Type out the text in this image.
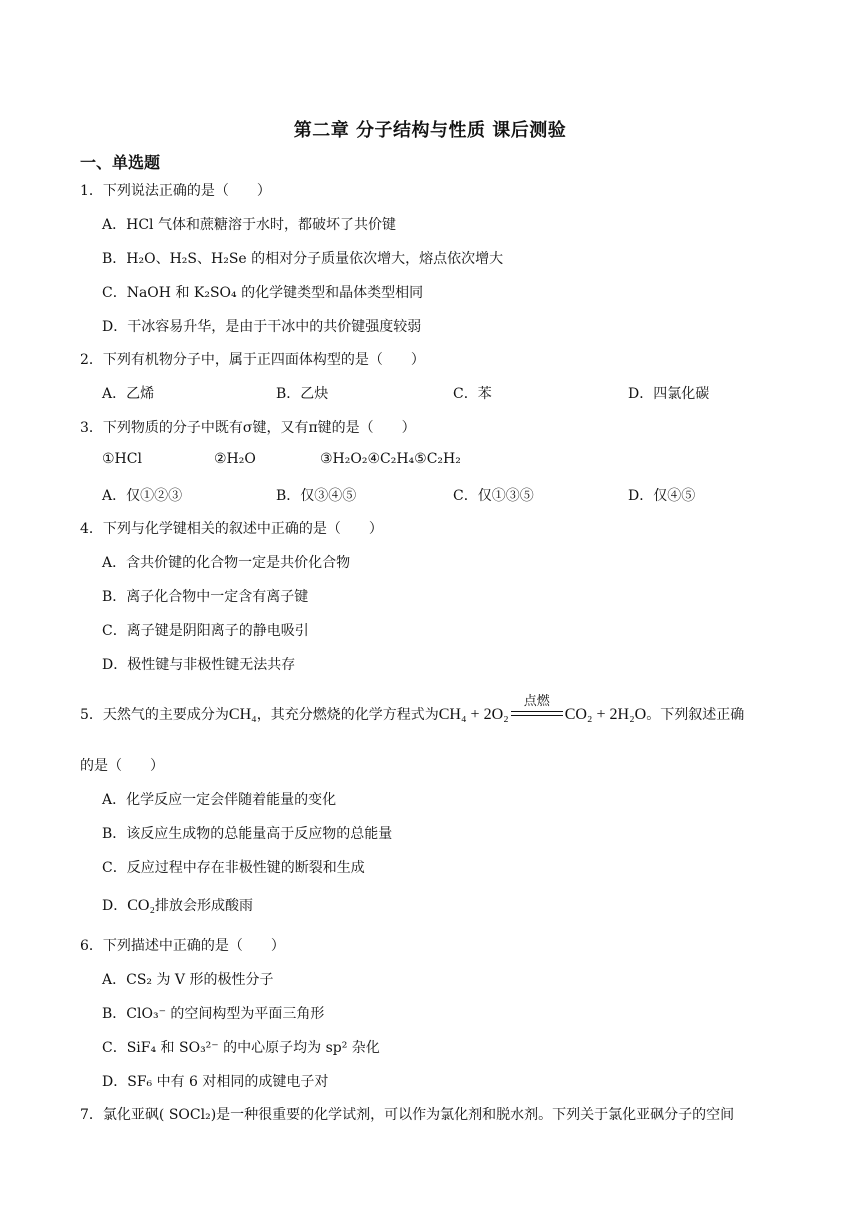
第二章 分子结构与性质 课后测验
一、单选题
1．下列说法正确的是（　　）
A．HCl 气体和蔗糖溶于水时，都破坏了共价键
B．H₂O、H₂S、H₂Se 的相对分子质量依次增大，熔点依次增大
C．NaOH 和 K₂SO₄ 的化学键类型和晶体类型相同
D．干冰容易升华，是由于干冰中的共价键强度较弱
2．下列有机物分子中，属于正四面体构型的是（　　）
A．乙烯	B．乙炔	C．苯	D．四氯化碳
3．下列物质的分子中既有σ键，又有π键的是（　　）
①HCl	②H₂O	③H₂O₂④C₂H₄⑤C₂H₂
A．仅①②③	B．仅③④⑤	C．仅①③⑤	D．仅④⑤
4．下列与化学键相关的叙述中正确的是（　　）
A．含共价键的化合物一定是共价化合物
B．离子化合物中一定含有离子键
C．离子键是阴阳离子的静电吸引
D．极性键与非极性键无法共存
5．天然气的主要成分为CH₄，其充分燃烧的化学方程式为CH₄ + 2O₂
点燃
CO₂ + 2H₂O。下列叙述正确
的是（　　）
A．化学反应一定会伴随着能量的变化
B．该反应生成物的总能量高于反应物的总能量
C．反应过程中存在非极性键的断裂和生成
D．CO₂排放会形成酸雨
6．下列描述中正确的是（　　）
A．CS₂ 为 V 形的极性分子
B．ClO₃⁻ 的空间构型为平面三角形
C．SiF₄ 和 SO₃²⁻ 的中心原子均为 sp² 杂化
D．SF₆ 中有 6 对相同的成键电子对
7．氯化亚砜( SOCl₂)是一种很重要的化学试剂，可以作为氯化剂和脱水剂。下列关于氯化亚砜分子的空间
